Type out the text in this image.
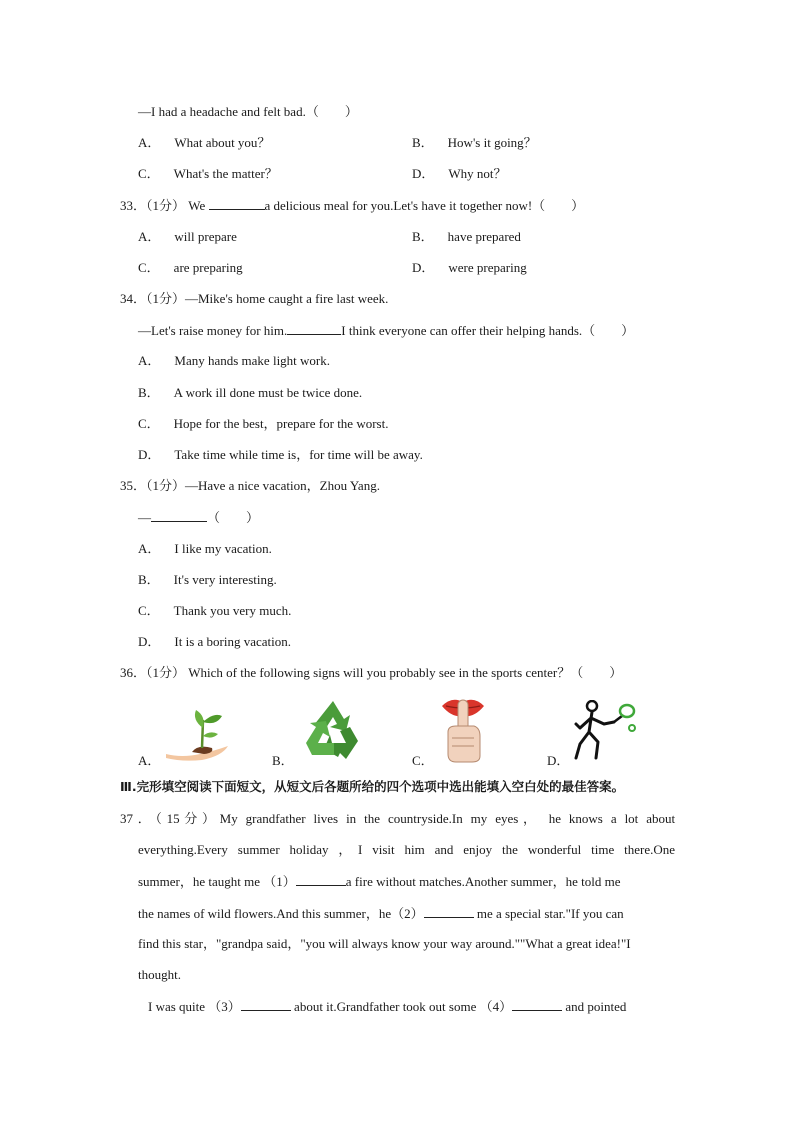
—I had a headache and felt bad.（　　）
A． What about you？	B． How's it going？
C． What's the matter？	D． Why not？
33．（1分） We	a delicious meal for you.Let's have it together now!（　　）
A． will prepare	B． have prepared
C． are preparing	D． were preparing
34．（1分）—Mike's home caught a fire last week.
—Let's raise money for him.	I think everyone can offer their helping hands.（　　）
A． Many hands make light work.
B． A work ill done must be twice done.
C． Hope for the best，prepare for the worst.
D． Take time while time is，for time will be away.
35．（1分）—Have a nice vacation，Zhou Yang.
—	（　　）
A． I like my vacation.
B． It's very interesting.
C． Thank you very much.
D． It is a boring vacation.
36．（1分） Which of the following signs will you probably see in the sports center？（　　）
A．	B．	C．	D．
Ⅲ.完形填空阅读下面短文，从短文后各题所给的四个选项中选出能填入空白处的最佳答案。
37．（15分）My grandfather lives in the countryside.In my eyes， he knows a lot about
everything.Every summer holiday ，I visit him and enjoy the wonderful time there.One
summer，he taught me （1）	a fire without matches.Another summer，he told me
the names of wild flowers.And this summer，he（2）	me a special star."If you can
find this star，"grandpa said，"you will always know your way around.""What a great idea!"I
thought.
I was quite （3）	about it.Grandfather took out some （4）	and pointed
